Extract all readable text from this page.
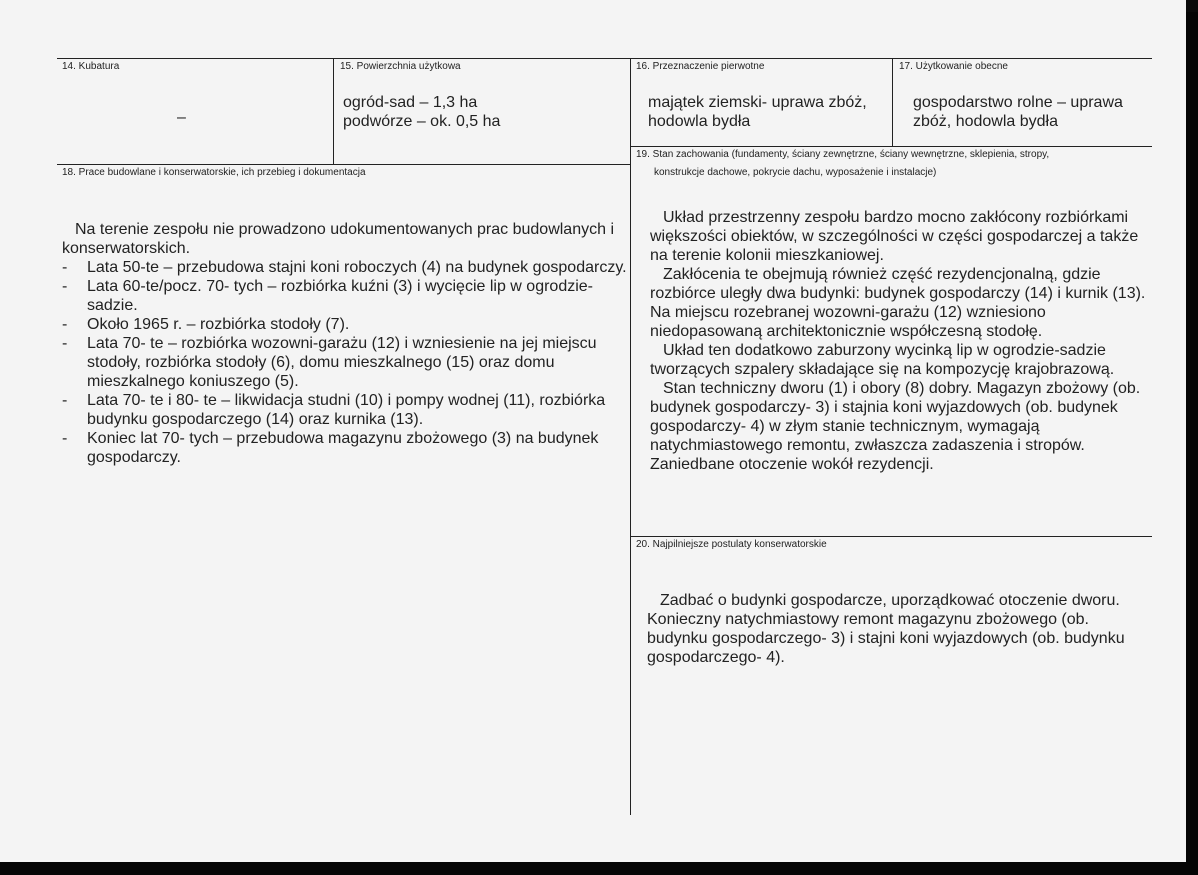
14. Kubatura
–
15. Powierzchnia użytkowa
ogród-sad – 1,3 ha
podwórze – ok. 0,5 ha
16. Przeznaczenie pierwotne
majątek ziemski- uprawa zbóż,
hodowla bydła
17. Użytkowanie obecne
gospodarstwo rolne – uprawa
zbóż, hodowla bydła
18. Prace budowlane i konserwatorskie, ich przebieg i dokumentacja

Na terenie zespołu nie prowadzono udokumentowanych prac budowlanych i konserwatorskich.

- Lata 50-te – przebudowa stajni koni roboczych (4) na budynek gospodarczy.
- Lata 60-te/pocz. 70- tych – rozbiórka kuźni (3) i wycięcie lip w ogrodzie-sadzie.
- Około 1965 r. – rozbiórka stodoły (7).
- Lata 70- te – rozbiórka wozowni-garażu (12) i wzniesienie na jej miejscu stodoły, rozbiórka stodoły (6), domu mieszkalnego (15) oraz domu mieszkalnego koniuszego (5).
- Lata 70- te i 80- te – likwidacja studni (10) i pompy wodnej (11), rozbiórka budynku gospodarczego (14) oraz kurnika (13).
- Koniec lat 70- tych – przebudowa magazynu zbożowego (3) na budynek gospodarczy.
19. Stan zachowania (fundamenty, ściany zewnętrzne, ściany wewnętrzne, sklepienia, stropy,
konstrukcje dachowe, pokrycie dachu, wyposażenie i instalacje)

Układ przestrzenny zespołu bardzo mocno zakłócony rozbiórkami większości obiektów, w szczególności w części gospodarczej a także na terenie kolonii mieszkaniowej.

Zakłócenia te obejmują również część rezydencjonalną, gdzie rozbiórce uległy dwa budynki: budynek gospodarczy (14) i kurnik (13). Na miejscu rozebranej wozowni-garażu (12) wzniesiono niedopasowaną architektonicznie współczesną stodołę.

Układ ten dodatkowo zaburzony wycinką lip w ogrodzie-sadzie tworzących szpalery składające się na kompozycję krajobrazową.

Stan techniczny dworu (1) i obory (8) dobry. Magazyn zbożowy (ob. budynek gospodarczy- 3) i stajnia koni wyjazdowych (ob. budynek gospodarczy- 4) w złym stanie technicznym, wymagają natychmiastowego remontu, zwłaszcza zadaszenia i stropów. Zaniedbane otoczenie wokół rezydencji.

20. Najpilniejsze postulaty konserwatorskie

Zadbać o budynki gospodarcze, uporządkować otoczenie dworu. Konieczny natychmiastowy remont magazynu zbożowego (ob. budynku gospodarczego- 3) i stajni koni wyjazdowych (ob. budynku gospodarczego- 4).
